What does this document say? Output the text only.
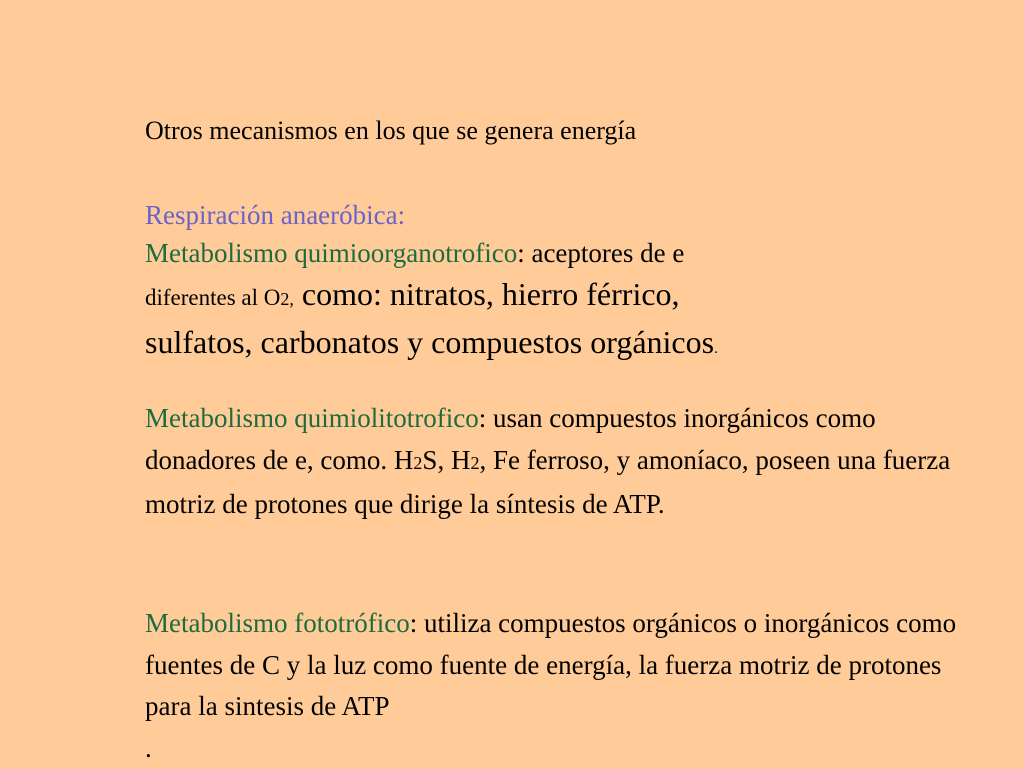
Otros mecanismos en los que se genera energía
Respiración anaeróbica:
Metabolismo quimioorganotrofico: aceptores de e
diferentes al O2, como: nitratos, hierro férrico,
sulfatos, carbonatos y compuestos orgánicos.
Metabolismo quimiolitotrofico: usan compuestos inorgánicos como donadores de e, como. H2S, H2, Fe ferroso, y amoníaco, poseen una fuerza motriz de protones que dirige la síntesis de ATP.
Metabolismo fototrófico: utiliza compuestos orgánicos o inorgánicos como fuentes de C y la luz como fuente de energía, la fuerza motriz de protones para la sintesis de ATP
.
